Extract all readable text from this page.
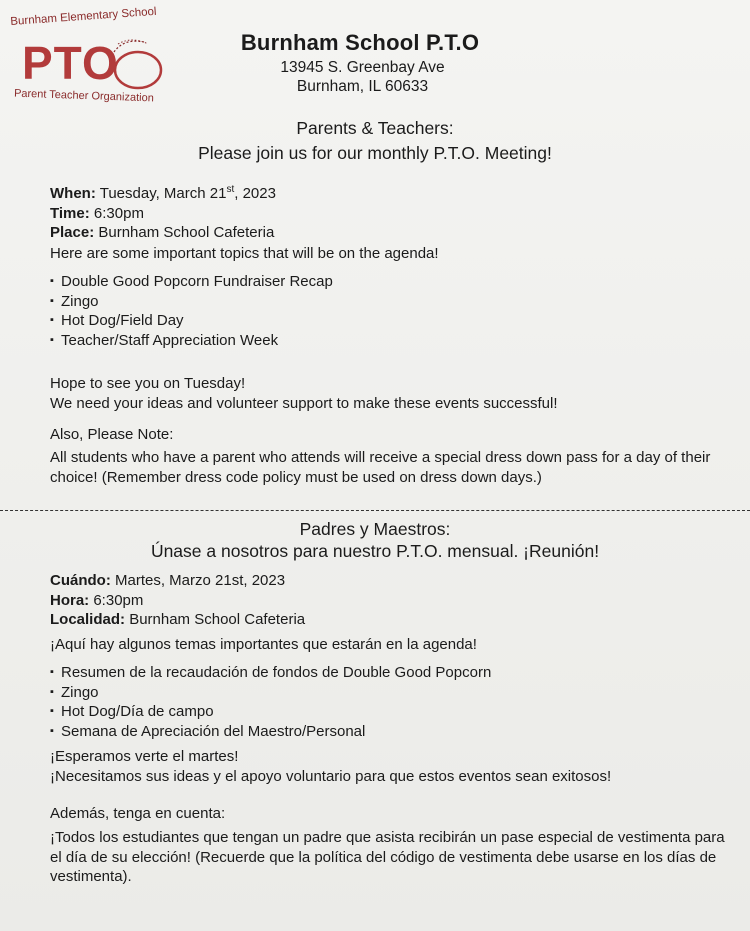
Burnham Elementary School
PTO
Parent Teacher Organization
Burnham School P.T.O
13945 S. Greenbay Ave
Burnham, IL 60633
Parents & Teachers:
Please join us for our monthly P.T.O. Meeting!
When: Tuesday, March 21st, 2023
Time: 6:30pm
Place: Burnham School Cafeteria
Here are some important topics that will be on the agenda!
▪ Double Good Popcorn Fundraiser Recap
▪ Zingo
▪ Hot Dog/Field Day
▪ Teacher/Staff Appreciation Week
Hope to see you on Tuesday!
We need your ideas and volunteer support to make these events successful!
Also, Please Note:
All students who have a parent who attends will receive a special dress down pass for a day of their choice! (Remember dress code policy must be used on dress down days.)
Padres y Maestros:
Únase a nosotros para nuestro P.T.O. mensual. ¡Reunión!
Cuándo: Martes, Marzo 21st, 2023
Hora: 6:30pm
Localidad: Burnham School Cafeteria
¡Aquí hay algunos temas importantes que estarán en la agenda!
▪ Resumen de la recaudación de fondos de Double Good Popcorn
▪ Zingo
▪ Hot Dog/Día de campo
▪ Semana de Apreciación del Maestro/Personal
¡Esperamos verte el martes!
¡Necesitamos sus ideas y el apoyo voluntario para que estos eventos sean exitosos!
Además, tenga en cuenta:
¡Todos los estudiantes que tengan un padre que asista recibirán un pase especial de vestimenta para el día de su elección! (Recuerde que la política del código de vestimenta debe usarse en los días de vestimenta).
